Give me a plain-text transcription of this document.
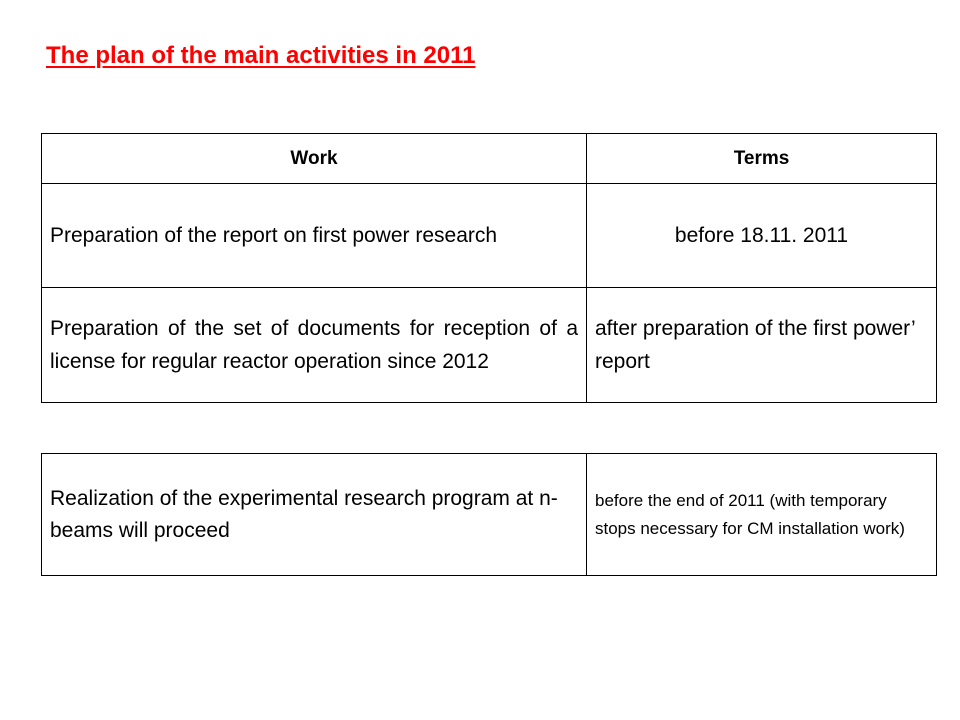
The plan of the main activities in 2011
Work	Terms
Preparation of the report on first power research	before 18.11. 2011
Preparation of the set of documents for reception of a license for regular reactor operation since 2012	after preparation of the first power’ report
Realization of the experimental research program at n-beams will proceed	before the end of 2011 (with temporary stops necessary for CM installation work)
